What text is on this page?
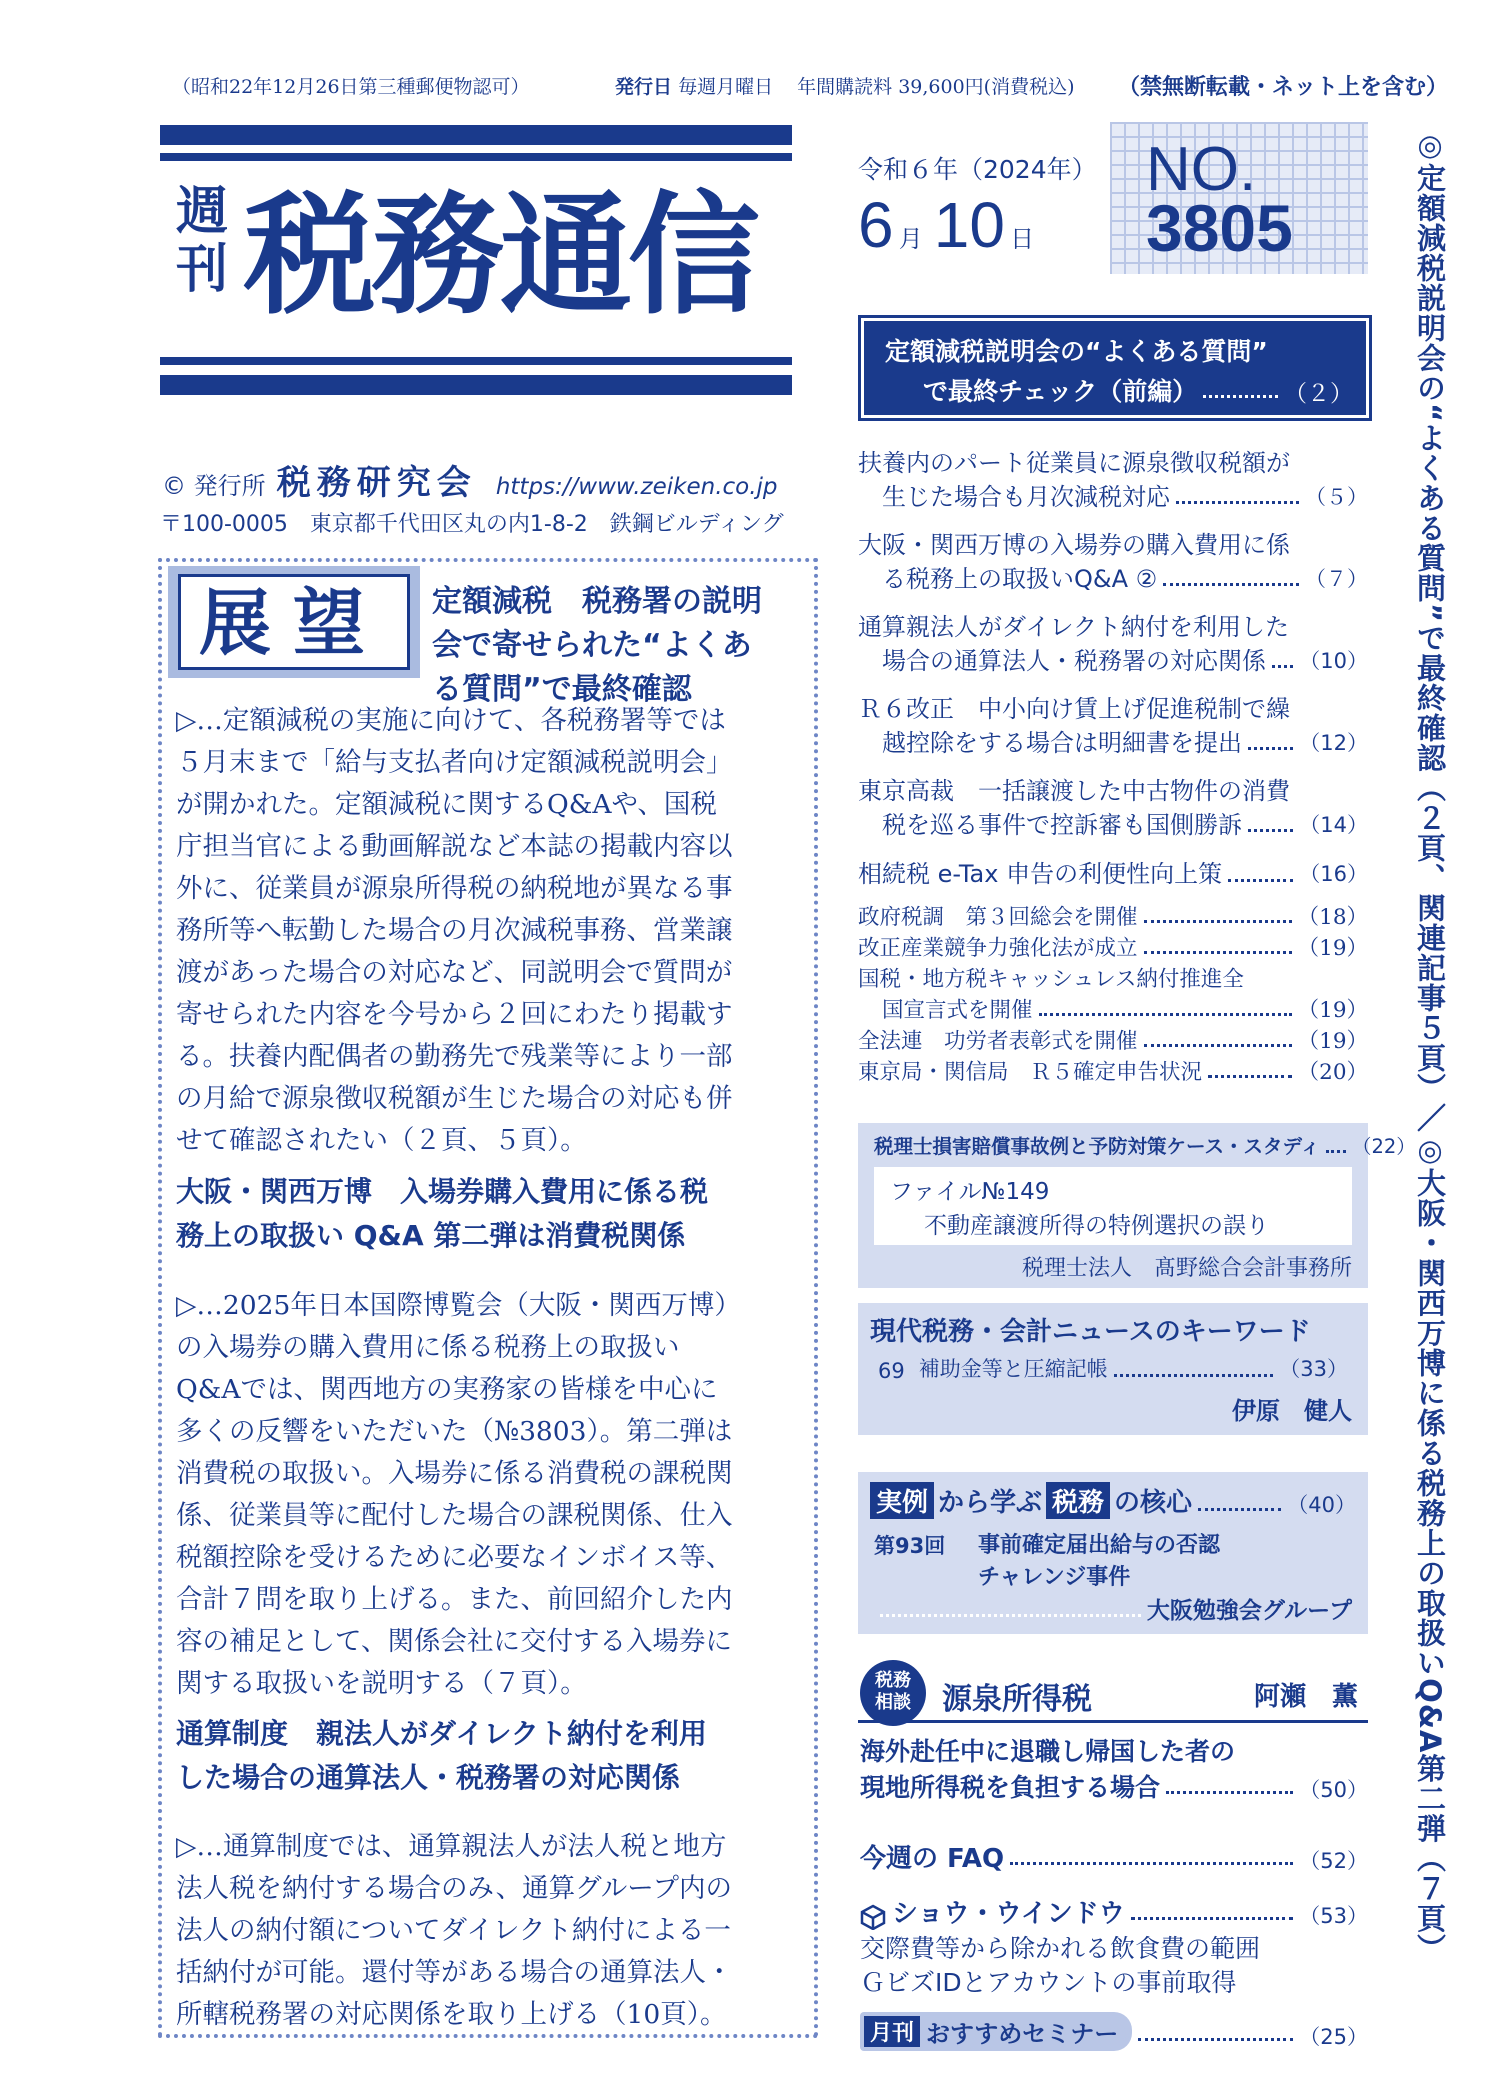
（昭和22年12月26日第三種郵便物認可）	発行日 毎週月曜日 年間購読料 39,600円(消費税込) （禁無断転載・ネット上を含む）
週
刊 税務通信
令和６年（2024年）
6 月 10 日
NO.
3805
定額減税説明会の“よくある質問”
で最終チェック（前編）	（２）
© 発行所 税務研究会 https://www.zeiken.co.jp
〒100-0005　東京都千代田区丸の内1-8-2　鉄鋼ビルディング
展望 定額減税　税務署の説明
会で寄せられた“よくあ
る質問”で最終確認
▷…定額減税の実施に向けて、各税務署等では
５月末まで「給与支払者向け定額減税説明会」
が開かれた。定額減税に関するQ&Aや、国税
庁担当官による動画解説など本誌の掲載内容以
外に、従業員が源泉所得税の納税地が異なる事
務所等へ転勤した場合の月次減税事務、営業譲
渡があった場合の対応など、同説明会で質問が
寄せられた内容を今号から２回にわたり掲載す
る。扶養内配偶者の勤務先で残業等により一部
の月給で源泉徴収税額が生じた場合の対応も併
せて確認されたい（２頁、５頁）。
大阪・関西万博　入場券購入費用に係る税
務上の取扱い Q&A 第二弾は消費税関係
▷…2025年日本国際博覧会（大阪・関西万博）
の入場券の購入費用に係る税務上の取扱い
Q&Aでは、関西地方の実務家の皆様を中心に
多くの反響をいただいた（№3803）。第二弾は
消費税の取扱い。入場券に係る消費税の課税関
係、従業員等に配付した場合の課税関係、仕入
税額控除を受けるために必要なインボイス等、
合計７問を取り上げる。また、前回紹介した内
容の補足として、関係会社に交付する入場券に
関する取扱いを説明する（７頁）。
通算制度　親法人がダイレクト納付を利用
した場合の通算法人・税務署の対応関係
▷…通算制度では、通算親法人が法人税と地方
法人税を納付する場合のみ、通算グループ内の
法人の納付額についてダイレクト納付による一
括納付が可能。還付等がある場合の通算法人・
所轄税務署の対応関係を取り上げる（10頁）。
扶養内のパート従業員に源泉徴収税額が
生じた場合も月次減税対応	（５）
大阪・関西万博の入場券の購入費用に係
る税務上の取扱いQ&A ②	（７）
通算親法人がダイレクト納付を利用した
場合の通算法人・税務署の対応関係 （10）
Ｒ６改正　中小向け賃上げ促進税制で繰
越控除をする場合は明細書を提出	（12）
東京高裁　一括譲渡した中古物件の消費
税を巡る事件で控訴審も国側勝訴	（14）
相続税 e-Tax 申告の利便性向上策	（16）
政府税調　第３回総会を開催	（18）
改正産業競争力強化法が成立	（19）
国税・地方税キャッシュレス納付推進全
国宣言式を開催	（19）
全法連　功労者表彰式を開催	（19）
東京局・関信局　Ｒ５確定申告状況	（20）
税理士損害賠償事故例と予防対策ケース・スタディ （22）
ファイル№149
不動産譲渡所得の特例選択の誤り
税理士法人　髙野総合会計事務所
現代税務・会計ニュースのキーワード
69 補助金等と圧縮記帳	（33）
伊原　健人
実例 から学ぶ 税務 の核心	（40）
第93回 事前確定届出給与の否認
チャレンジ事件
大阪勉強会グループ
税務
相談	源泉所得税	阿瀬　薫
海外赴任中に退職し帰国した者の
現地所得税を負担する場合	（50）
今週の FAQ	（52）
ショウ・ウインドウ	（53）
交際費等から除かれる飲食費の範囲
ＧビズIDとアカウントの事前取得
月刊 おすすめセミナー	（25）
◎定額減税説明会の“よくある質問”で最終確認（２頁、関連記事５頁）／◎大阪・関西万博に係る税務上の取扱いQ&A第二弾（７頁）
